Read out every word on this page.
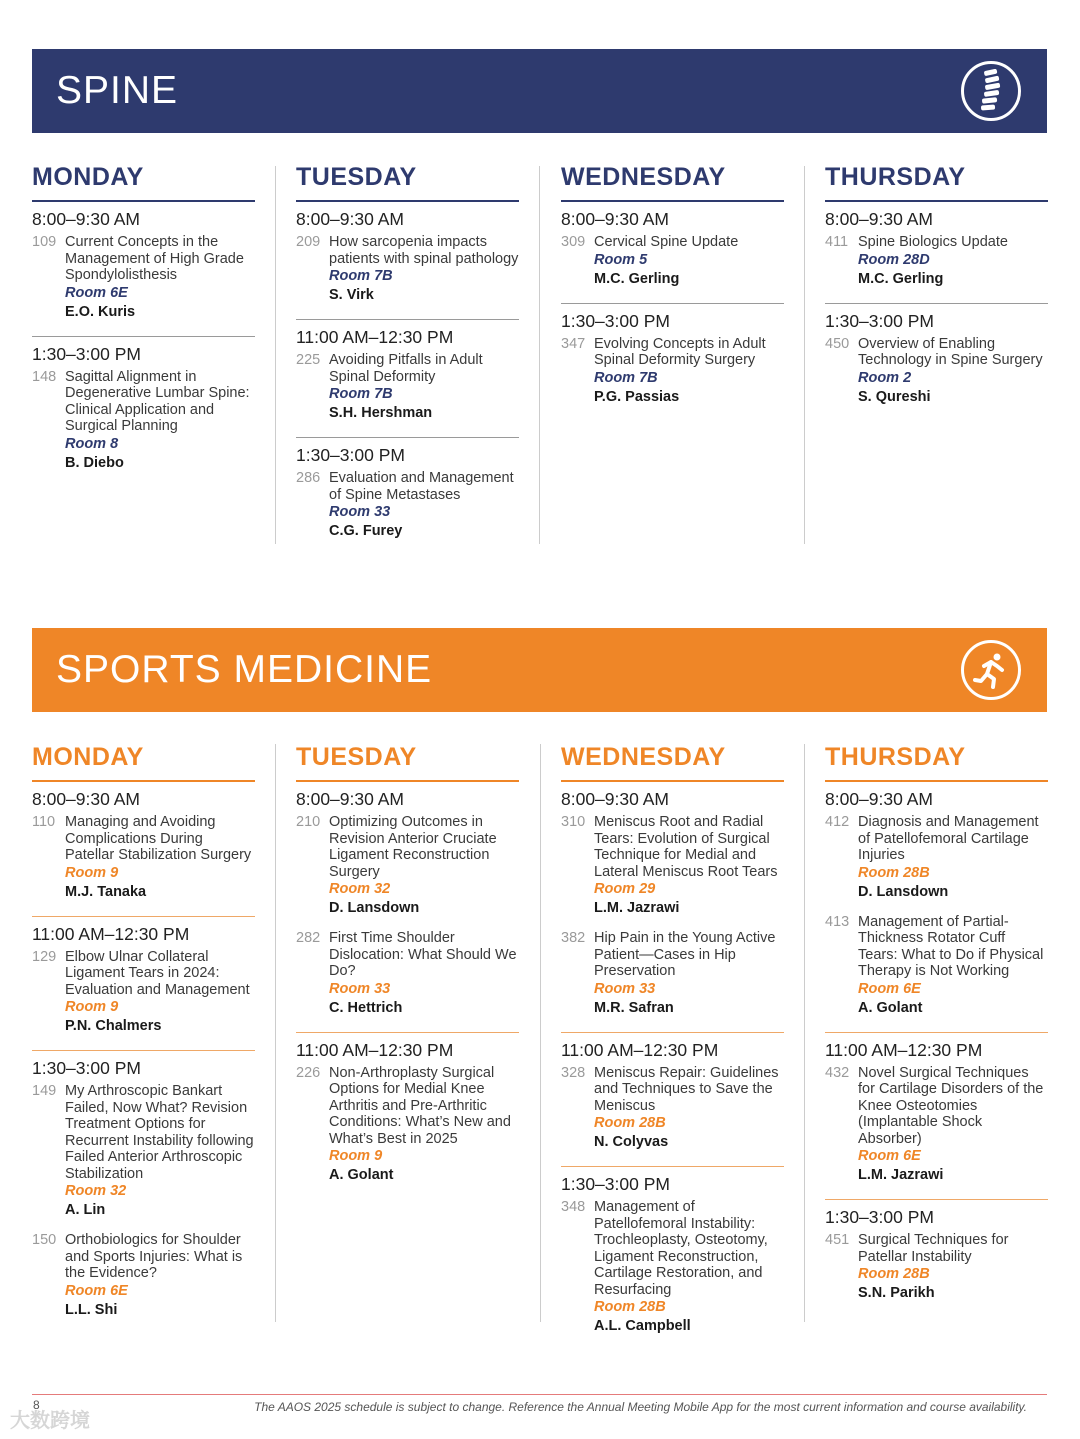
SPINE
MONDAY
8:00–9:30 AM
109 Current Concepts in the Management of High Grade Spondylolisthesis
Room 6E
E.O. Kuris
1:30–3:00 PM
148 Sagittal Alignment in Degenerative Lumbar Spine: Clinical Application and Surgical Planning
Room 8
B. Diebo
TUESDAY
8:00–9:30 AM
209 How sarcopenia impacts patients with spinal pathology
Room 7B
S. Virk
11:00 AM–12:30 PM
225 Avoiding Pitfalls in Adult Spinal Deformity
Room 7B
S.H. Hershman
1:30–3:00 PM
286 Evaluation and Management of Spine Metastases
Room 33
C.G. Furey
WEDNESDAY
8:00–9:30 AM
309 Cervical Spine Update
Room 5
M.C. Gerling
1:30–3:00 PM
347 Evolving Concepts in Adult Spinal Deformity Surgery
Room 7B
P.G. Passias
THURSDAY
8:00–9:30 AM
411 Spine Biologics Update
Room 28D
M.C. Gerling
1:30–3:00 PM
450 Overview of Enabling Technology in Spine Surgery
Room 2
S. Qureshi
SPORTS MEDICINE
MONDAY
8:00–9:30 AM
110 Managing and Avoiding Complications During Patellar Stabilization Surgery
Room 9
M.J. Tanaka
11:00 AM–12:30 PM
129 Elbow Ulnar Collateral Ligament Tears in 2024: Evaluation and Management
Room 9
P.N. Chalmers
1:30–3:00 PM
149 My Arthroscopic Bankart Failed, Now What? Revision Treatment Options for Recurrent Instability following Failed Anterior Arthroscopic Stabilization
Room 32
A. Lin
150 Orthobiologics for Shoulder and Sports Injuries: What is the Evidence?
Room 6E
L.L. Shi
TUESDAY
8:00–9:30 AM
210 Optimizing Outcomes in Revision Anterior Cruciate Ligament Reconstruction Surgery
Room 32
D. Lansdown
282 First Time Shoulder Dislocation: What Should We Do?
Room 33
C. Hettrich
11:00 AM–12:30 PM
226 Non-Arthroplasty Surgical Options for Medial Knee Arthritis and Pre-Arthritic Conditions: What’s New and What’s Best in 2025
Room 9
A. Golant
WEDNESDAY
8:00–9:30 AM
310 Meniscus Root and Radial Tears: Evolution of Surgical Technique for Medial and Lateral Meniscus Root Tears
Room 29
L.M. Jazrawi
382 Hip Pain in the Young Active Patient—Cases in Hip Preservation
Room 33
M.R. Safran
11:00 AM–12:30 PM
328 Meniscus Repair: Guidelines and Techniques to Save the Meniscus
Room 28B
N. Colyvas
1:30–3:00 PM
348 Management of Patellofemoral Instability: Trochleoplasty, Osteotomy, Ligament Reconstruction, Cartilage Restoration, and Resurfacing
Room 28B
A.L. Campbell
THURSDAY
8:00–9:30 AM
412 Diagnosis and Management of Patellofemoral Cartilage Injuries
Room 28B
D. Lansdown
413 Management of Partial-Thickness Rotator Cuff Tears: What to Do if Physical Therapy is Not Working
Room 6E
A. Golant
11:00 AM–12:30 PM
432 Novel Surgical Techniques for Cartilage Disorders of the Knee Osteotomies (Implantable Shock Absorber)
Room 6E
L.M. Jazrawi
1:30–3:00 PM
451 Surgical Techniques for Patellar Instability
Room 28B
S.N. Parikh
8	The AAOS 2025 schedule is subject to change. Reference the Annual Meeting Mobile App for the most current information and course availability.
大数跨境
